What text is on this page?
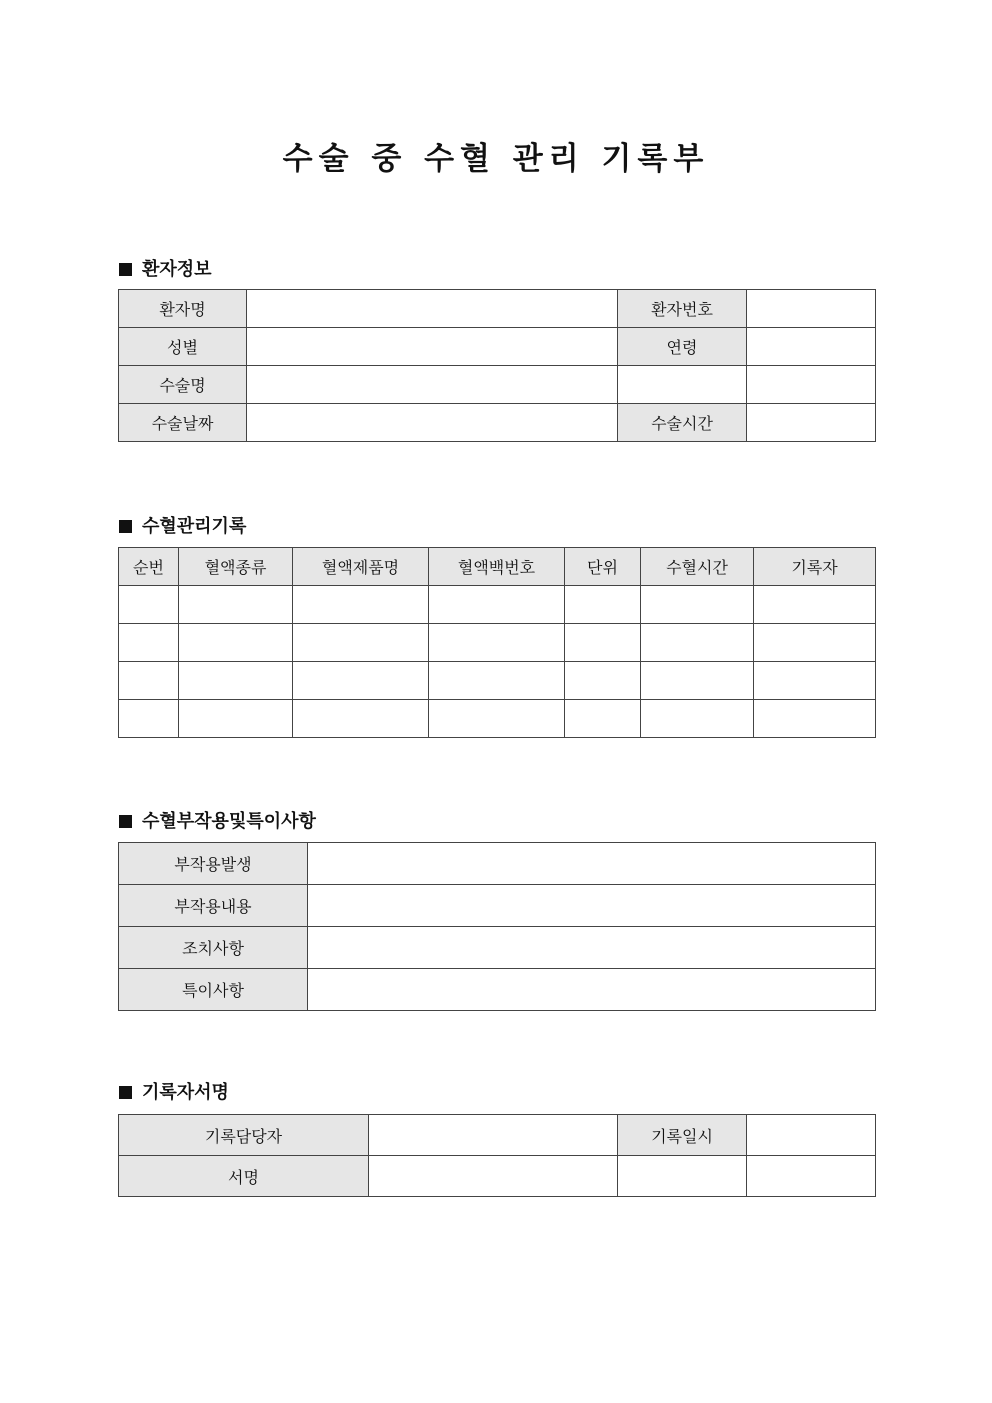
수술 중 수혈 관리 기록부
환자정보
환자명		환자번호	
성별		연령	
수술명			
수술날짜		수술시간	
수혈관리기록
순번	혈액종류	혈액제품명	혈액백번호	단위	수혈시간	기록자

수혈부작용및특이사항
부작용발생	
부작용내용	
조치사항	
특이사항	
기록자서명
기록담당자		기록일시	
서명			
